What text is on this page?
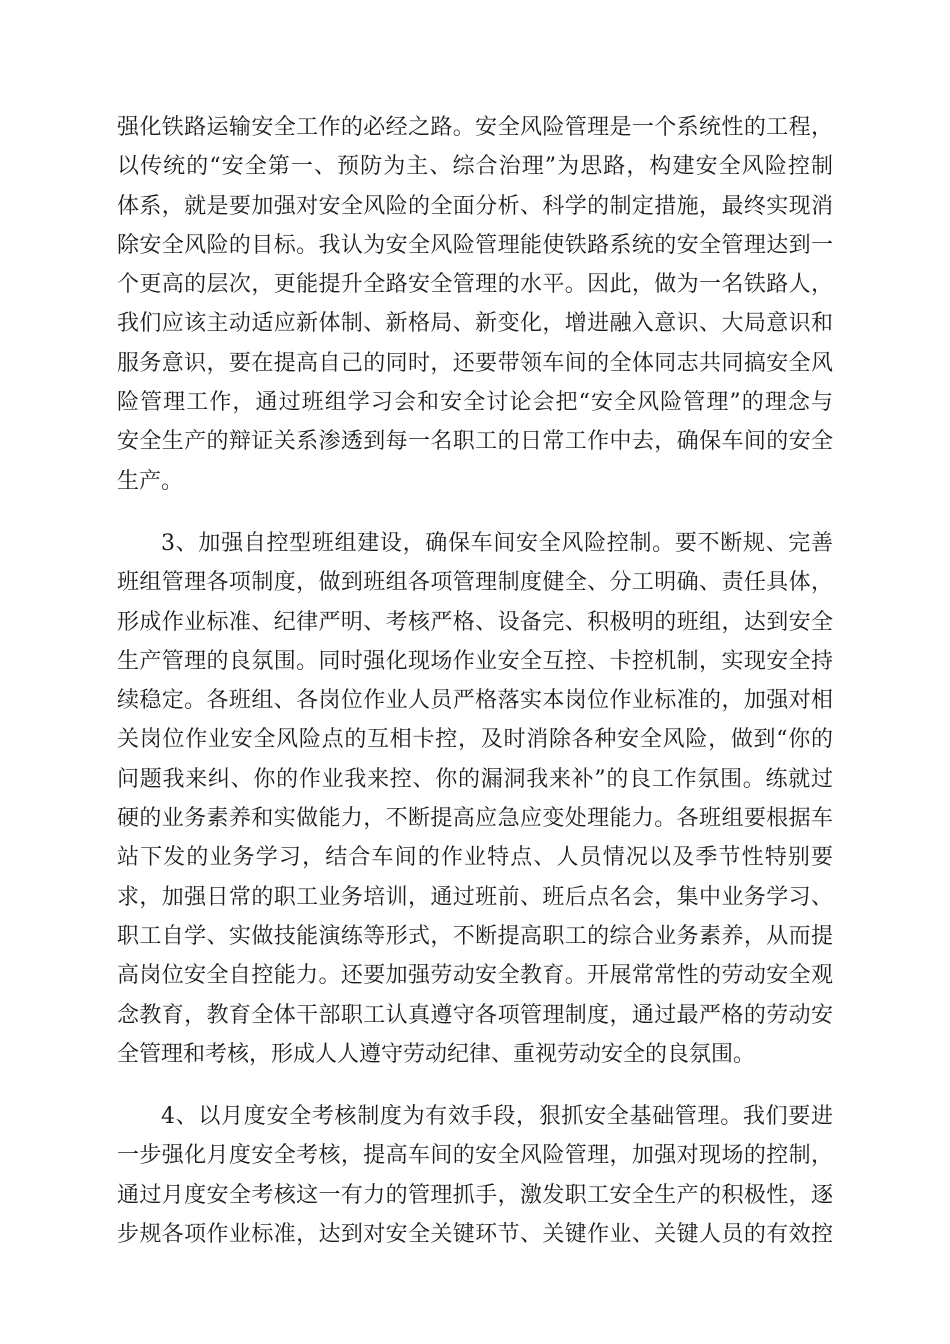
强化铁路运输安全工作的必经之路。安全风险管理是一个系统性的工程，
以传统的“安全第一、预防为主、综合治理”为思路，构建安全风险控制
体系，就是要加强对安全风险的全面分析、科学的制定措施，最终实现消
除安全风险的目标。我认为安全风险管理能使铁路系统的安全管理达到一
个更高的层次，更能提升全路安全管理的水平。因此，做为一名铁路人，
我们应该主动适应新体制、新格局、新变化，增进融入意识、大局意识和
服务意识，要在提高自己的同时，还要带领车间的全体同志共同搞安全风
险管理工作，通过班组学习会和安全讨论会把“安全风险管理”的理念与
安全生产的辩证关系渗透到每一名职工的日常工作中去，确保车间的安全
生产。
3、加强自控型班组建设，确保车间安全风险控制。要不断规、完善
班组管理各项制度，做到班组各项管理制度健全、分工明确、责任具体，
形成作业标准、纪律严明、考核严格、设备完、积极明的班组，达到安全
生产管理的良氛围。同时强化现场作业安全互控、卡控机制，实现安全持
续稳定。各班组、各岗位作业人员严格落实本岗位作业标准的，加强对相
关岗位作业安全风险点的互相卡控，及时消除各种安全风险，做到“你的
问题我来纠、你的作业我来控、你的漏洞我来补”的良工作氛围。练就过
硬的业务素养和实做能力，不断提高应急应变处理能力。各班组要根据车
站下发的业务学习，结合车间的作业特点、人员情况以及季节性特别要
求，加强日常的职工业务培训，通过班前、班后点名会，集中业务学习、
职工自学、实做技能演练等形式，不断提高职工的综合业务素养，从而提
高岗位安全自控能力。还要加强劳动安全教育。开展常常性的劳动安全观
念教育，教育全体干部职工认真遵守各项管理制度，通过最严格的劳动安
全管理和考核，形成人人遵守劳动纪律、重视劳动安全的良氛围。
4、以月度安全考核制度为有效手段，狠抓安全基础管理。我们要进
一步强化月度安全考核，提高车间的安全风险管理，加强对现场的控制，
通过月度安全考核这一有力的管理抓手，激发职工安全生产的积极性，逐
步规各项作业标准，达到对安全关键环节、关键作业、关键人员的有效控
